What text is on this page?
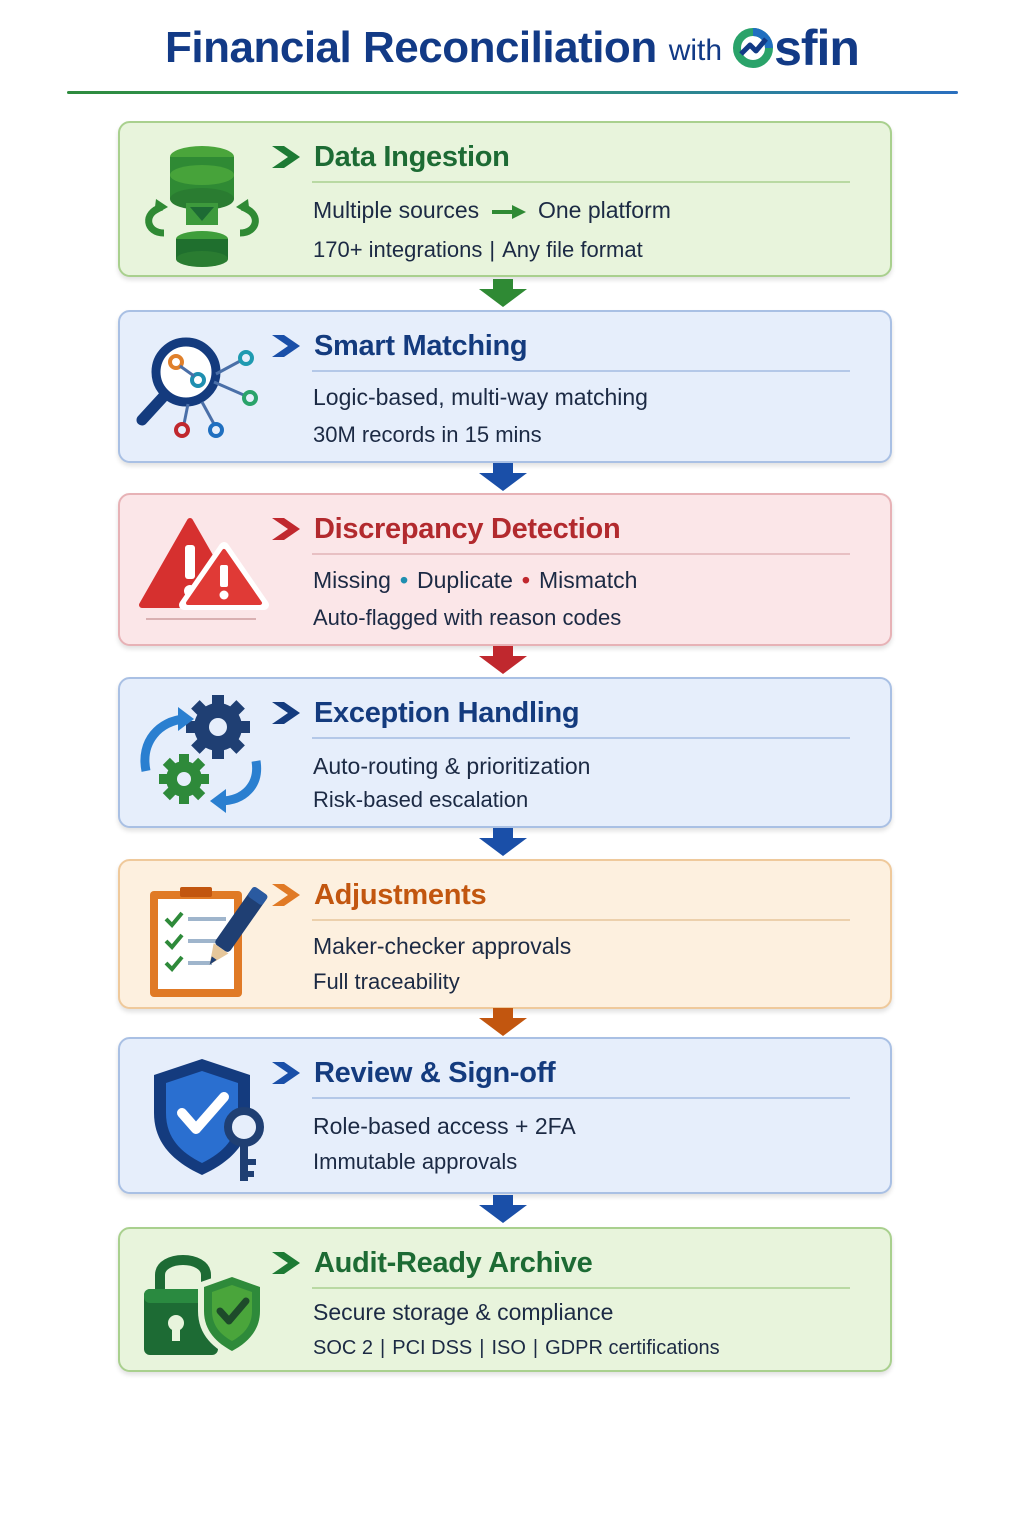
Financial Reconciliation with sfin
Data Ingestion
Multiple sources	One platform
170+ integrations | Any file format
Smart Matching
Logic-based, multi-way matching
30M records in 15 mins
Discrepancy Detection
Missing • Duplicate • Mismatch
Auto-flagged with reason codes
Exception Handling
Auto-routing & prioritization
Risk-based escalation
Adjustments
Maker-checker approvals
Full traceability
Review & Sign-off
Role-based access + 2FA
Immutable approvals
Audit-Ready Archive
Secure storage & compliance
SOC 2 | PCI DSS | ISO | GDPR certifications
